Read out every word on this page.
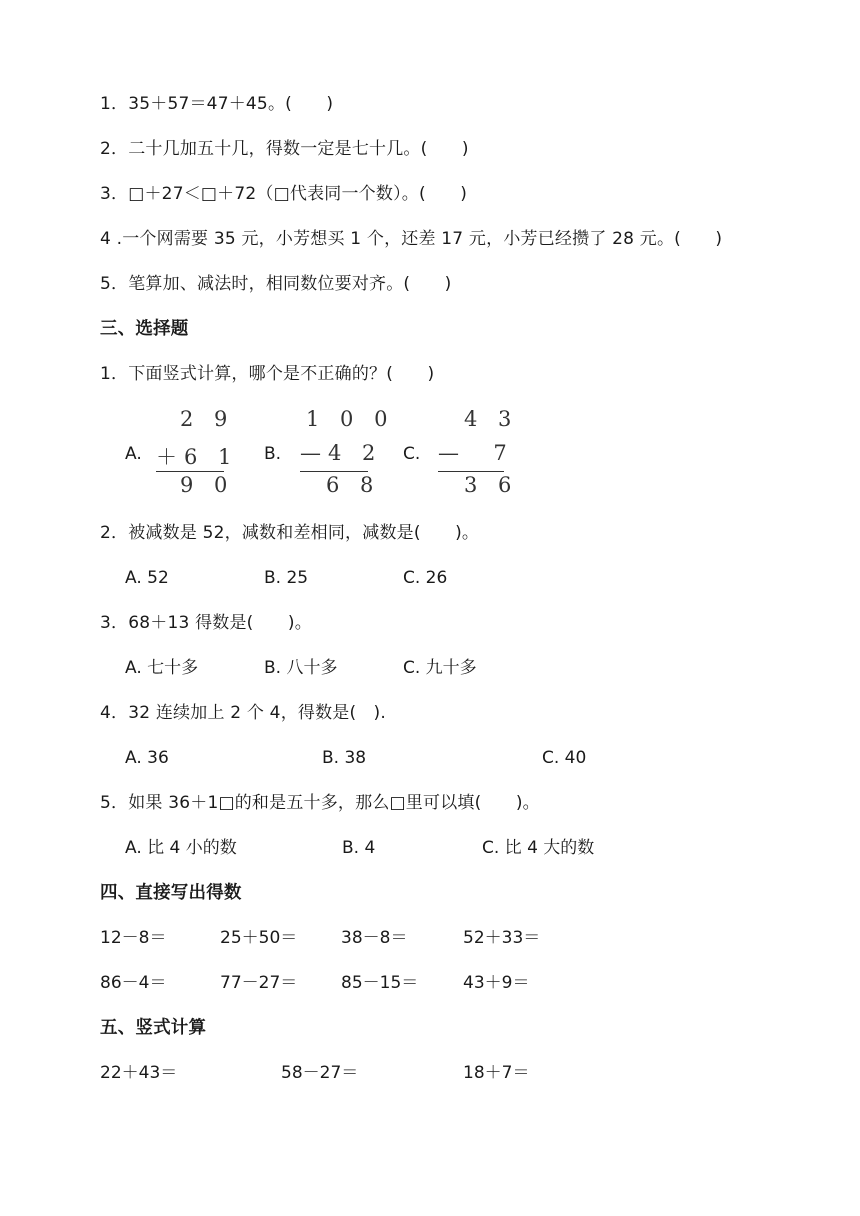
1．35＋57＝47＋45。(　　)
2．二十几加五十几，得数一定是七十几。(　　)
3．□＋27＜□＋72（□代表同一个数）。(　　)
4 .一个网需要 35 元，小芳想买 1 个，还差 17 元，小芳已经攒了 28 元。(　　)
5．笔算加、减法时，相同数位要对齐。(　　)
三、选择题
1．下面竖式计算，哪个是不正确的？(　　)
A.
2 9
＋6 1
9 0
B.
1 0 0
—4 2
6 8
C.
4 3
—  7
3 6
2．被减数是 52，减数和差相同，减数是(　　)。
A. 52	B. 25	C. 26
3．68＋13 得数是(　　)。
A. 七十多	B. 八十多	C. 九十多
4．32 连续加上 2 个 4，得数是(　).
A. 36	B. 38	C. 40
5．如果 36＋1□的和是五十多，那么□里可以填(　　)。
A. 比 4 小的数	B. 4	C. 比 4 大的数
四、直接写出得数
12－8＝	25＋50＝	38－8＝	52＋33＝
86－4＝	77－27＝	85－15＝	43＋9＝
五、竖式计算
22＋43＝	58－27＝	18＋7＝
